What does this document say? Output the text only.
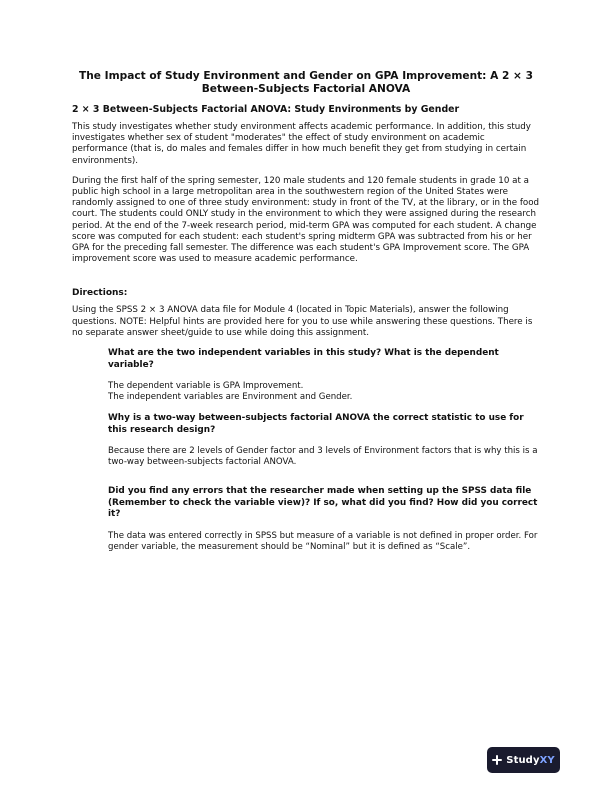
The Impact of Study Environment and Gender on GPA Improvement: A 2 × 3 Between-Subjects Factorial ANOVA
2 × 3 Between-Subjects Factorial ANOVA: Study Environments by Gender

This study investigates whether study environment affects academic performance. In addition, this study investigates whether sex of student "moderates" the effect of study environment on academic performance (that is, do males and females differ in how much benefit they get from studying in certain environments).

During the first half of the spring semester, 120 male students and 120 female students in grade 10 at a public high school in a large metropolitan area in the southwestern region of the United States were randomly assigned to one of three study environment: study in front of the TV, at the library, or in the food court. The students could ONLY study in the environment to which they were assigned during the research period. At the end of the 7-week research period, mid-term GPA was computed for each student. A change score was computed for each student: each student's spring midterm GPA was subtracted from his or her GPA for the preceding fall semester. The difference was each student's GPA Improvement score. The GPA improvement score was used to measure academic performance.

Directions:

Using the SPSS 2 × 3 ANOVA data file for Module 4 (located in Topic Materials), answer the following questions. NOTE: Helpful hints are provided here for you to use while answering these questions. There is no separate answer sheet/guide to use while doing this assignment.

What are the two independent variables in this study? What is the dependent variable?
The dependent variable is GPA Improvement.
The independent variables are Environment and Gender.
Why is a two-way between-subjects factorial ANOVA the correct statistic to use for this research design?
Because there are 2 levels of Gender factor and 3 levels of Environment factors that is why this is a two-way between-subjects factorial ANOVA.
Did you find any errors that the researcher made when setting up the SPSS data file (Remember to check the variable view)? If so, what did you find? How did you correct it?
The data was entered correctly in SPSS but measure of a variable is not defined in proper order. For gender variable, the measurement should be “Nominal” but it is defined as “Scale”.
StudyXY
